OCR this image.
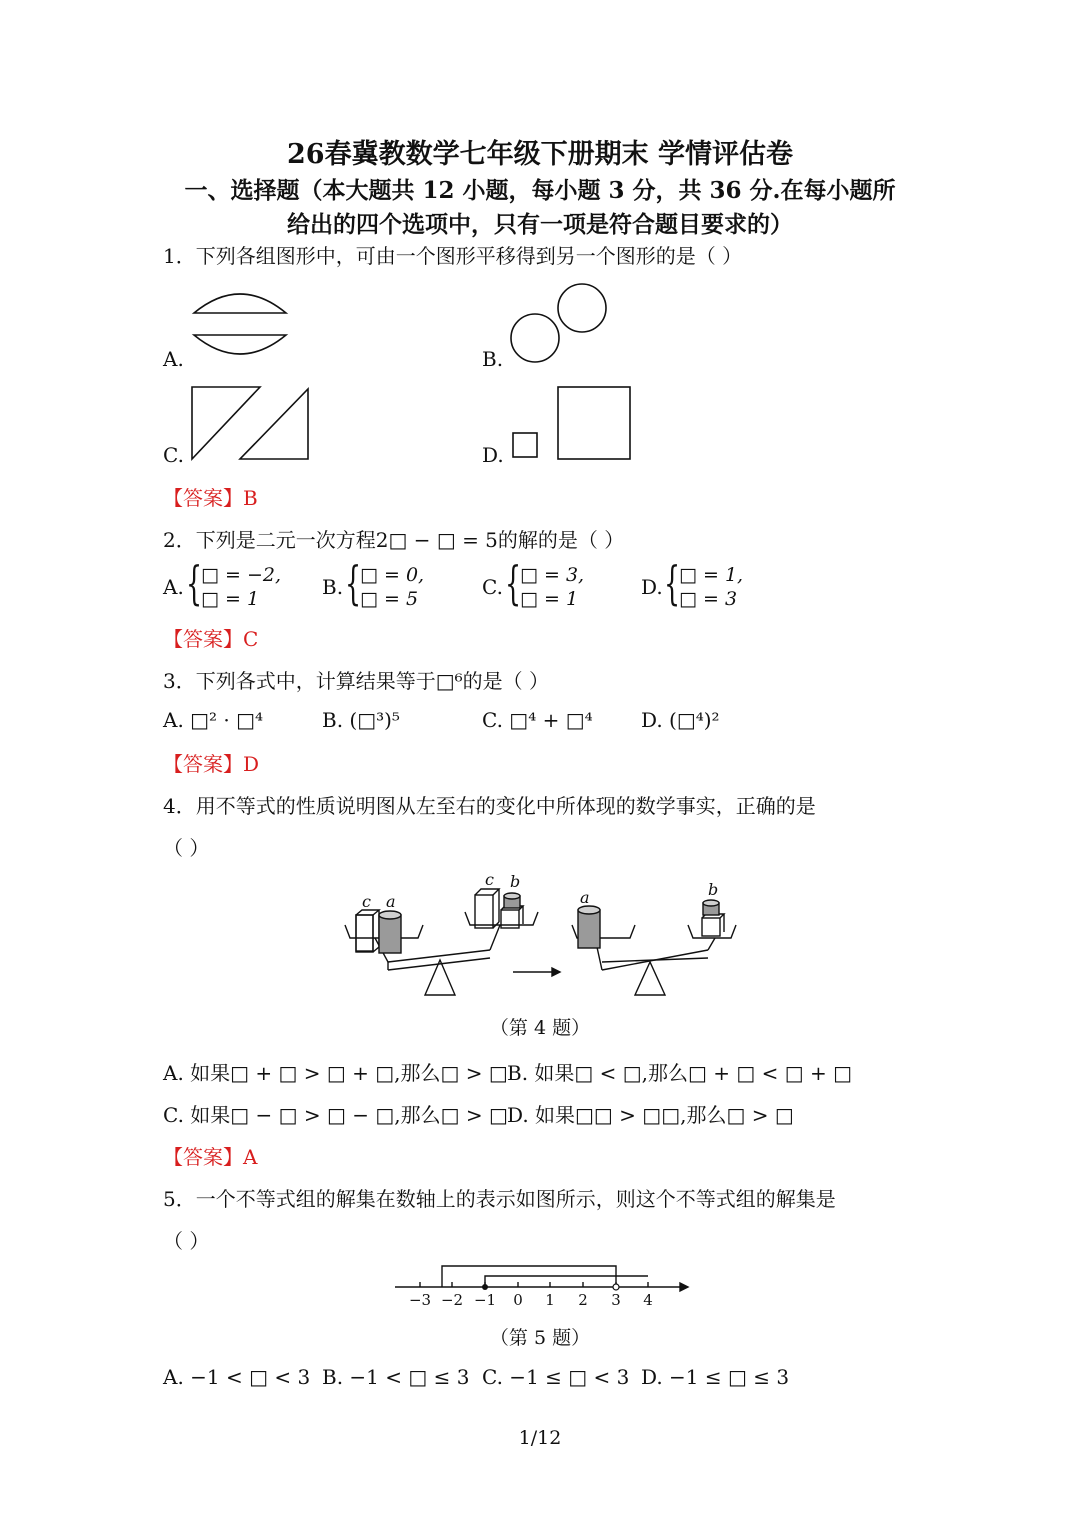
26春冀教数学七年级下册期末 学情评估卷
一、选择题（本大题共 12 小题，每小题 3 分，共 36 分.在每小题所
给出的四个选项中，只有一项是符合题目要求的）
1．下列各组图形中，可由一个图形平移得到另一个图形的是（ ）
A.	B.
C.	D.
【答案】B
2．下列是二元一次方程2□ − □ = 5的解的是（ ）
A. {
□ = −2,
□ = 1	B. {
□ = 0,
□ = 5	C. {
□ = 3,
□ = 1	D. {
□ = 1,
□ = 3
【答案】C
3．下列各式中，计算结果等于□⁶的是（ ）
A. □² · □⁴	B. (□³)⁵	C. □⁴ + □⁴ D. (□⁴)²
【答案】D
4．用不等式的性质说明图从左至右的变化中所体现的数学事实，正确的是
（ ）
c a
c b
a	b
（第 4 题）
A. 如果□ + □ > □ + □,那么□ > □ B. 如果□ < □,那么□ + □ < □ + □
C. 如果□ − □ > □ − □,那么□ > □ D. 如果□□ > □□,那么□ > □
【答案】A
5．一个不等式组的解集在数轴上的表示如图所示，则这个不等式组的解集是
（ ）
−3 −2 −1 0 1 2 3 4
（第 5 题）
A. −1 < □ < 3 B. −1 < □ ≤ 3 C. −1 ≤ □ < 3 D. −1 ≤ □ ≤ 3
1/12
